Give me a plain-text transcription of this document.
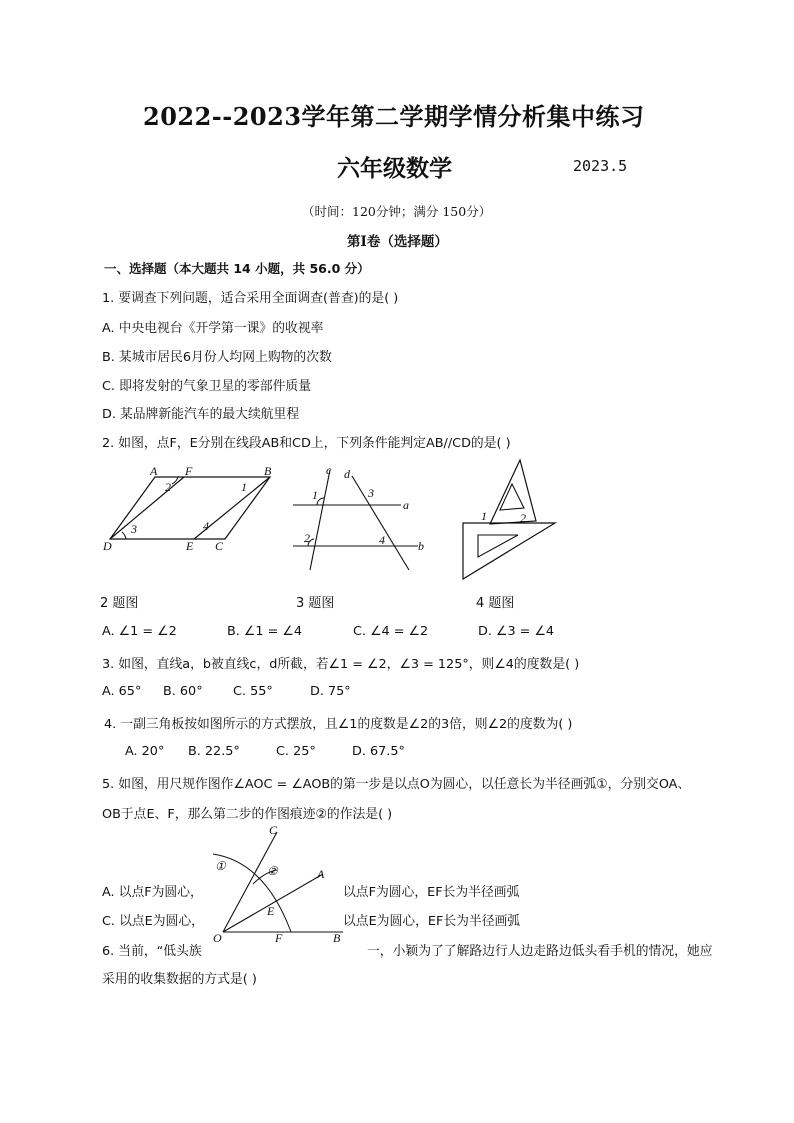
2022--2023学年第二学期学情分析集中练习
六年级数学	2023.5
（时间：120分钟；满分 150分）
第Ⅰ卷（选择题）
一、选择题（本大题共 14 小题，共 56.0 分）
1. 要调查下列问题，适合采用全面调查(普查)的是( )
A. 中央电视台《开学第一课》的收视率
B. 某城市居民6月份人均网上购物的次数
C. 即将发射的气象卫星的零部件质量
D. 某品牌新能汽车的最大续航里程
2. 如图，点F，E分别在线段AB和CD上，下列条件能判定AB//CD的是( )
A F	B
2	1
3	4
D	E C
c d
1	3
a
2	4	b
1	2
2 题图	3 题图	4 题图
A. ∠1 = ∠2	B. ∠1 = ∠4	C. ∠4 = ∠2	D. ∠3 = ∠4
3. 如图，直线a，b被直线c，d所截，若∠1 = ∠2，∠3 = 125°，则∠4的度数是( )
A. 65° B. 60° C. 55°	D. 75°
4. 一副三角板按如图所示的方式摆放，且∠1的度数是∠2的3倍，则∠2的度数为( )
A. 20° B. 22.5°	C. 25°	D. 67.5°
5. 如图，用尺规作图作∠AOC = ∠AOB的第一步是以点O为圆心，以任意长为半径画弧①，分别交OA、
OB于点E、F，那么第二步的作图痕迹②的作法是( )
C
①	②	A
E
O	F	B
A. 以点F为圆心，	以点F为圆心，EF长为半径画弧
C. 以点E为圆心，	以点E为圆心，EF长为半径画弧
6. 当前，“低头族	一，小颖为了了解路边行人边走路边低头看手机的情况，她应
采用的收集数据的方式是( )
